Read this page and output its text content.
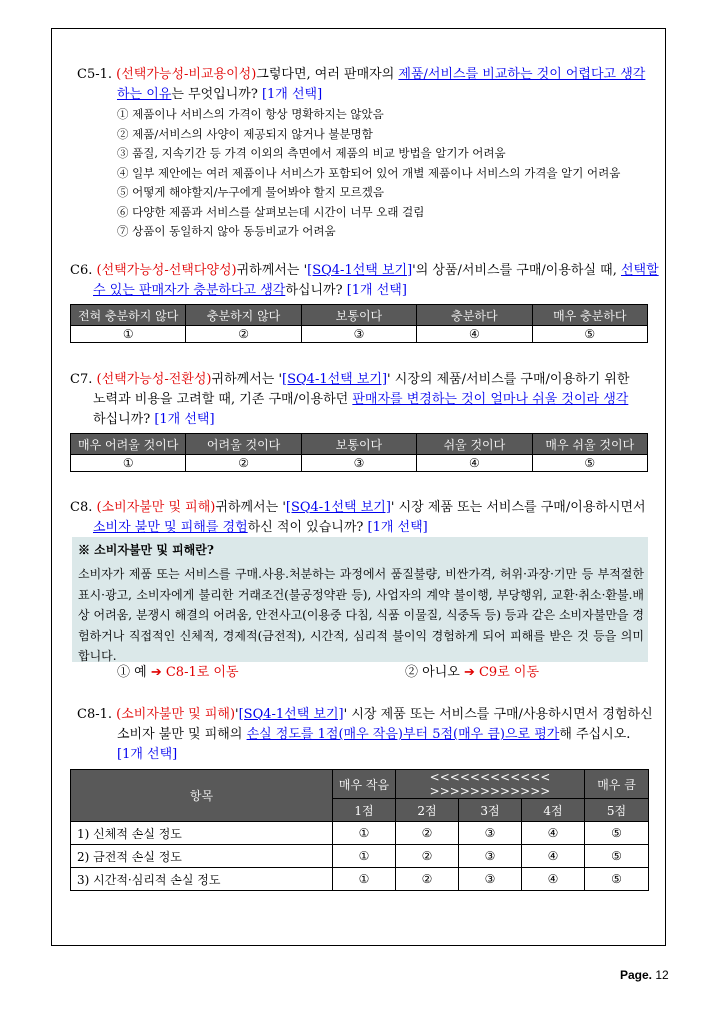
C5-1. (선택가능성-비교용이성)그렇다면, 여러 판매자의 제품/서비스를 비교하는 것이 어렵다고 생각
하는 이유는 무엇입니까? [1개 선택]
① 제품이나 서비스의 가격이 항상 명확하지는 않았음
② 제품/서비스의 사양이 제공되지 않거나 불분명함
③ 품질, 지속기간 등 가격 이외의 측면에서 제품의 비교 방법을 알기가 어려움
④ 일부 제안에는 여러 제품이나 서비스가 포함되어 있어 개별 제품이나 서비스의 가격을 알기 어려움
⑤ 어떻게 해야할지/누구에게 물어봐야 할지 모르겠음
⑥ 다양한 제품과 서비스를 살펴보는데 시간이 너무 오래 걸림
⑦ 상품이 동일하지 않아 동등비교가 어려움
C6. (선택가능성-선택다양성)귀하께서는 '[SQ4-1선택 보기]'의 상품/서비스를 구매/이용하실 때, 선택할
수 있는 판매자가 충분하다고 생각하십니까? [1개 선택]
전혀 충분하지 않다	충분하지 않다	보통이다	충분하다	매우 충분하다
①	②	③	④	⑤
C7. (선택가능성-전환성)귀하께서는 '[SQ4-1선택 보기]' 시장의 제품/서비스를 구매/이용하기 위한
노력과 비용을 고려할 때, 기존 구매/이용하던 판매자를 변경하는 것이 얼마나 쉬울 것이라 생각
하십니까? [1개 선택]
매우 어려울 것이다	어려울 것이다	보통이다	쉬울 것이다	매우 쉬울 것이다
①	②	③	④	⑤
C8. (소비자불만 및 피해)귀하께서는 '[SQ4-1선택 보기]' 시장 제품 또는 서비스를 구매/이용하시면서
소비자 불만 및 피해를 경험하신 적이 있습니까? [1개 선택]
※ 소비자불만 및 피해란?
소비자가 제품 또는 서비스를 구매.사용.처분하는 과정에서 품질불량, 비싼가격, 허위·과장·기만 등 부적절한 표시·광고, 소비자에게 불리한 거래조건(불공정약관 등), 사업자의 계약 불이행, 부당행위, 교환·취소·환불.배상 어려움, 분쟁시 해결의 어려움, 안전사고(이용중 다침, 식품 이물질, 식중독 등) 등과 같은 소비자불만을 경험하거나 직접적인 신체적, 경제적(금전적), 시간적, 심리적 불이익 경험하게 되어 피해를 받은 것 등을 의미합니다.
① 예 ➔ C8-1로 이동	② 아니오 ➔ C9로 이동
C8-1. (소비자불만 및 피해)'[SQ4-1선택 보기]' 시장 제품 또는 서비스를 구매/사용하시면서 경험하신
소비자 불만 및 피해의 손실 정도를 1점(매우 작음)부터 5점(매우 큼)으로 평가해 주십시오.
[1개 선택]
항목	매우 작음	<<<<<<<<<<<< >>>>>>>>>>>>			매우 큼
	1점	2점	3점	4점	5점
1) 신체적 손실 정도	①	②	③	④	⑤
2) 금전적 손실 정도	①	②	③	④	⑤
3) 시간적·심리적 손실 정도	①	②	③	④	⑤
Page. 12
